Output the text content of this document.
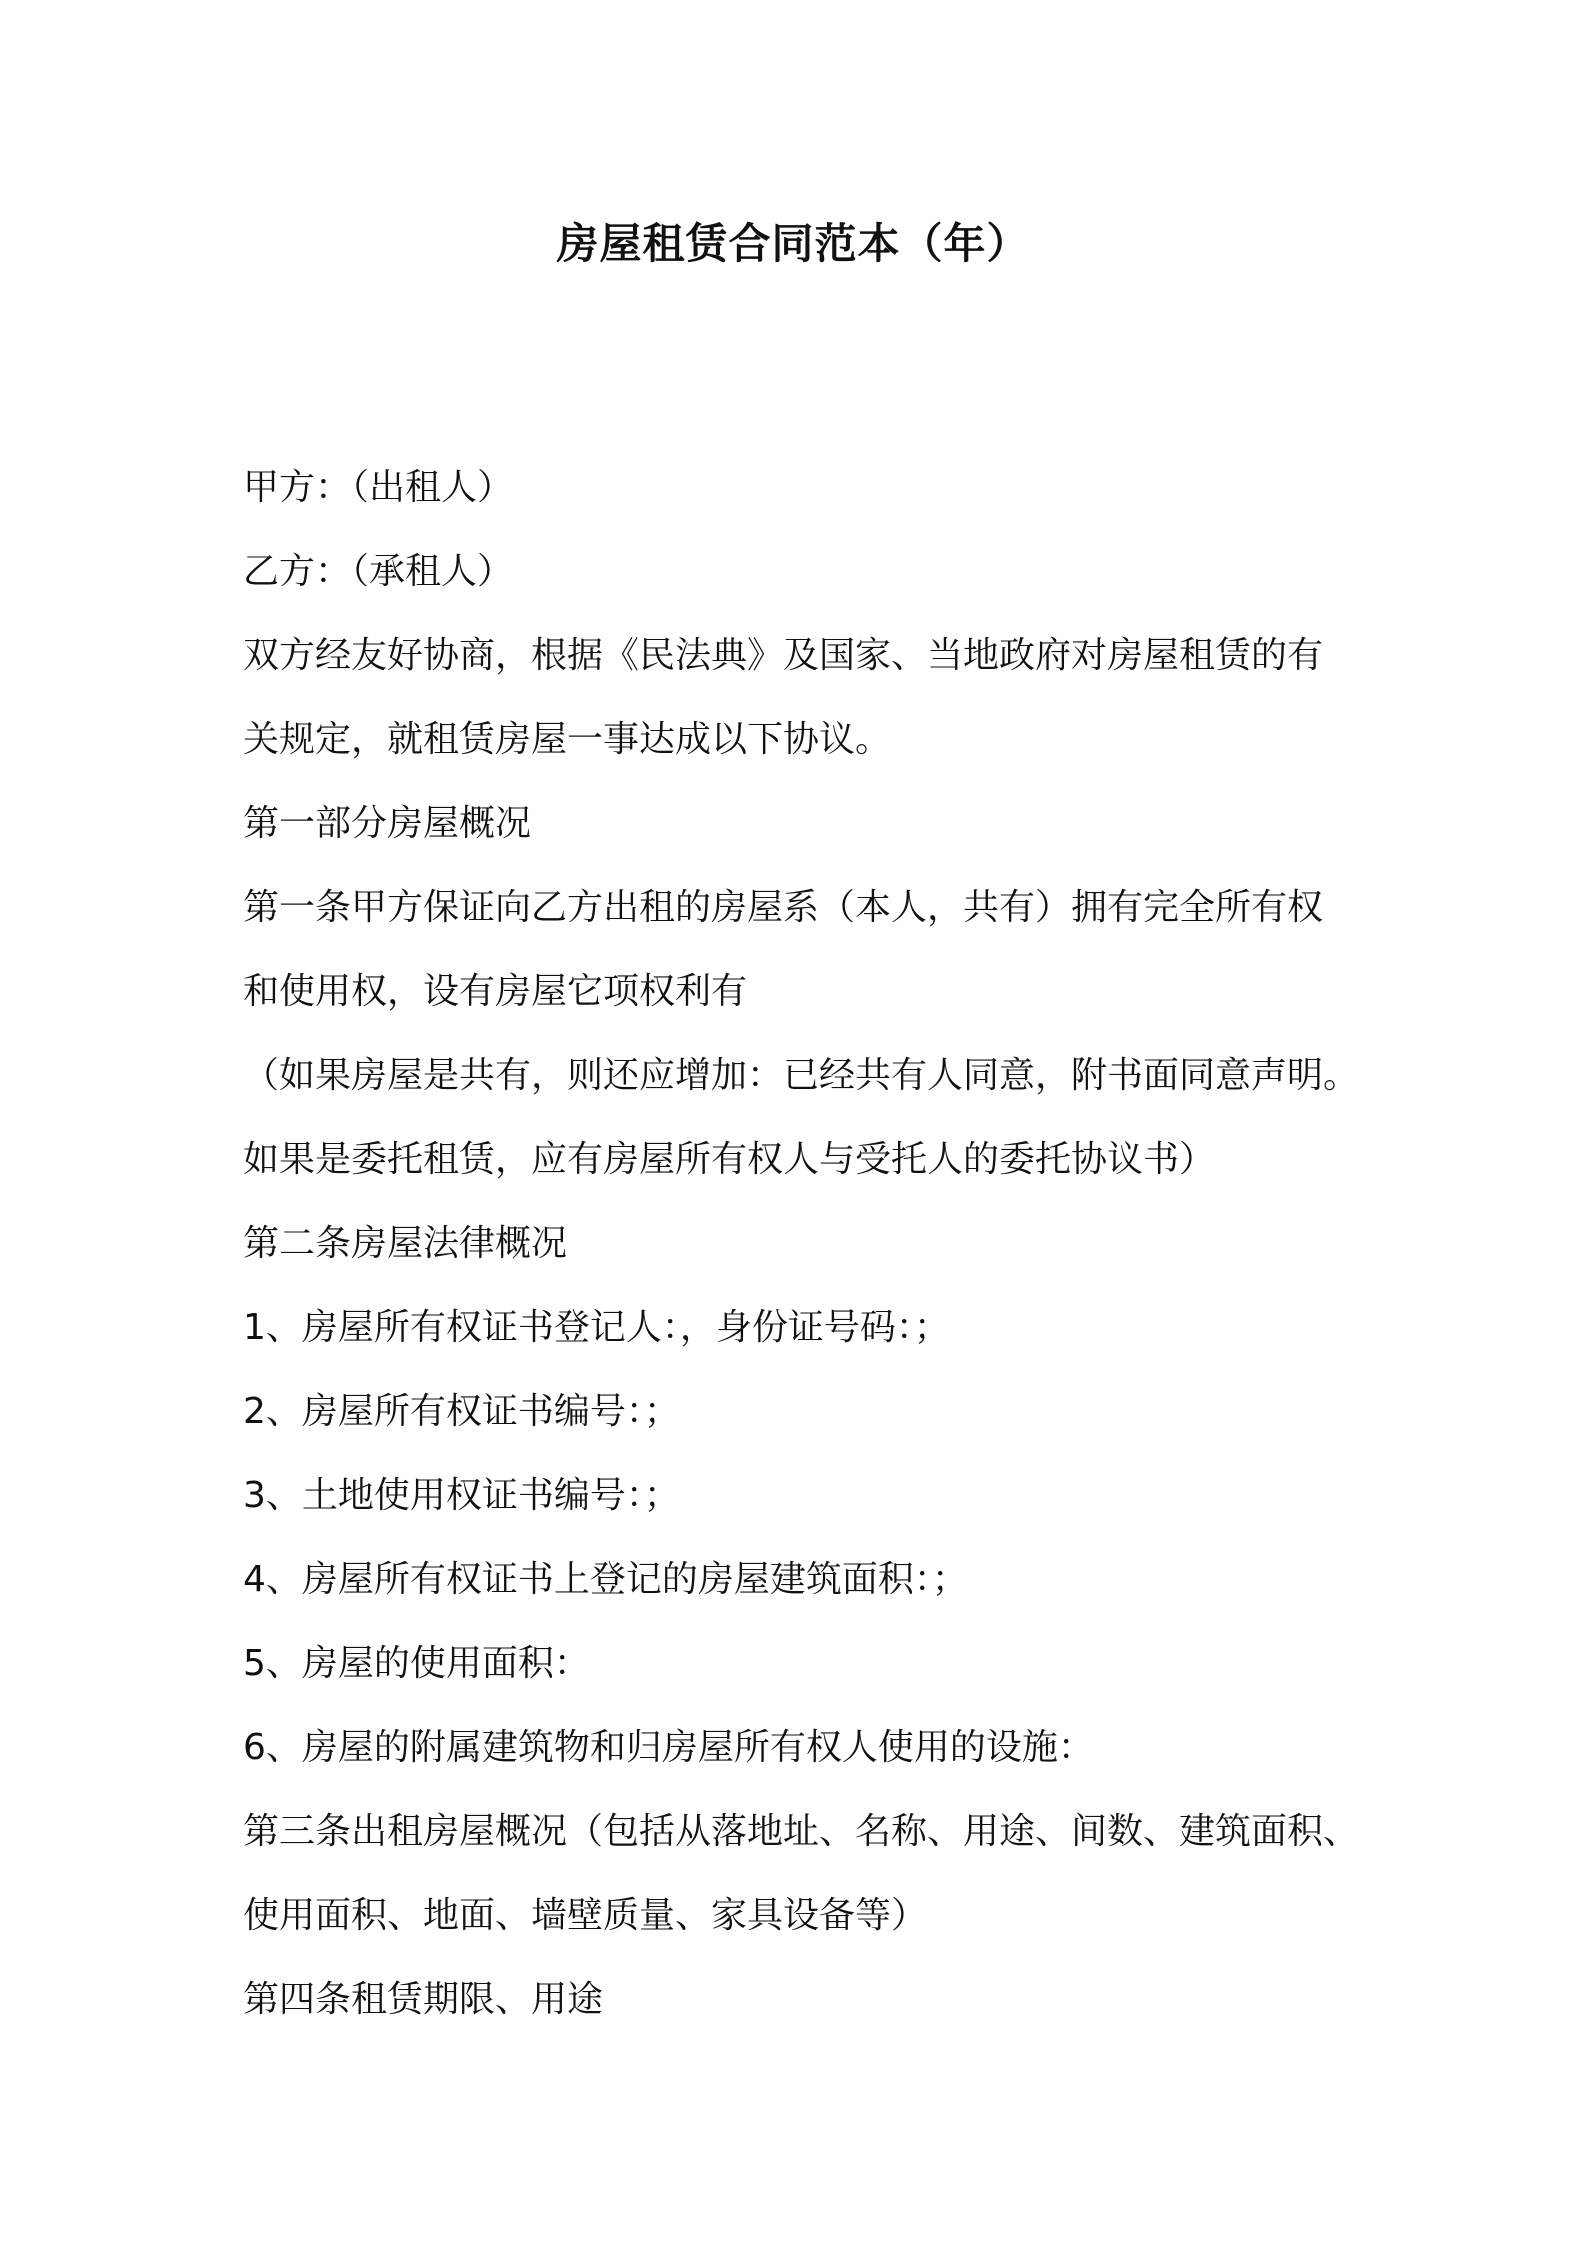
房屋租赁合同范本（年）
甲方：（出租人）
乙方：（承租人）
双方经友好协商，根据《民法典》及国家、当地政府对房屋租赁的有
关规定，就租赁房屋一事达成以下协议。
第一部分房屋概况
第一条甲方保证向乙方出租的房屋系（本人，共有）拥有完全所有权
和使用权，设有房屋它项权利有
（如果房屋是共有，则还应增加：已经共有人同意，附书面同意声明。
如果是委托租赁，应有房屋所有权人与受托人的委托协议书）
第二条房屋法律概况
1、房屋所有权证书登记人：，身份证号码：；
2、房屋所有权证书编号：；
3、土地使用权证书编号：；
4、房屋所有权证书上登记的房屋建筑面积：；
5、房屋的使用面积：
6、房屋的附属建筑物和归房屋所有权人使用的设施：
第三条出租房屋概况（包括从落地址、名称、用途、间数、建筑面积、
使用面积、地面、墙壁质量、家具设备等）
第四条租赁期限、用途
